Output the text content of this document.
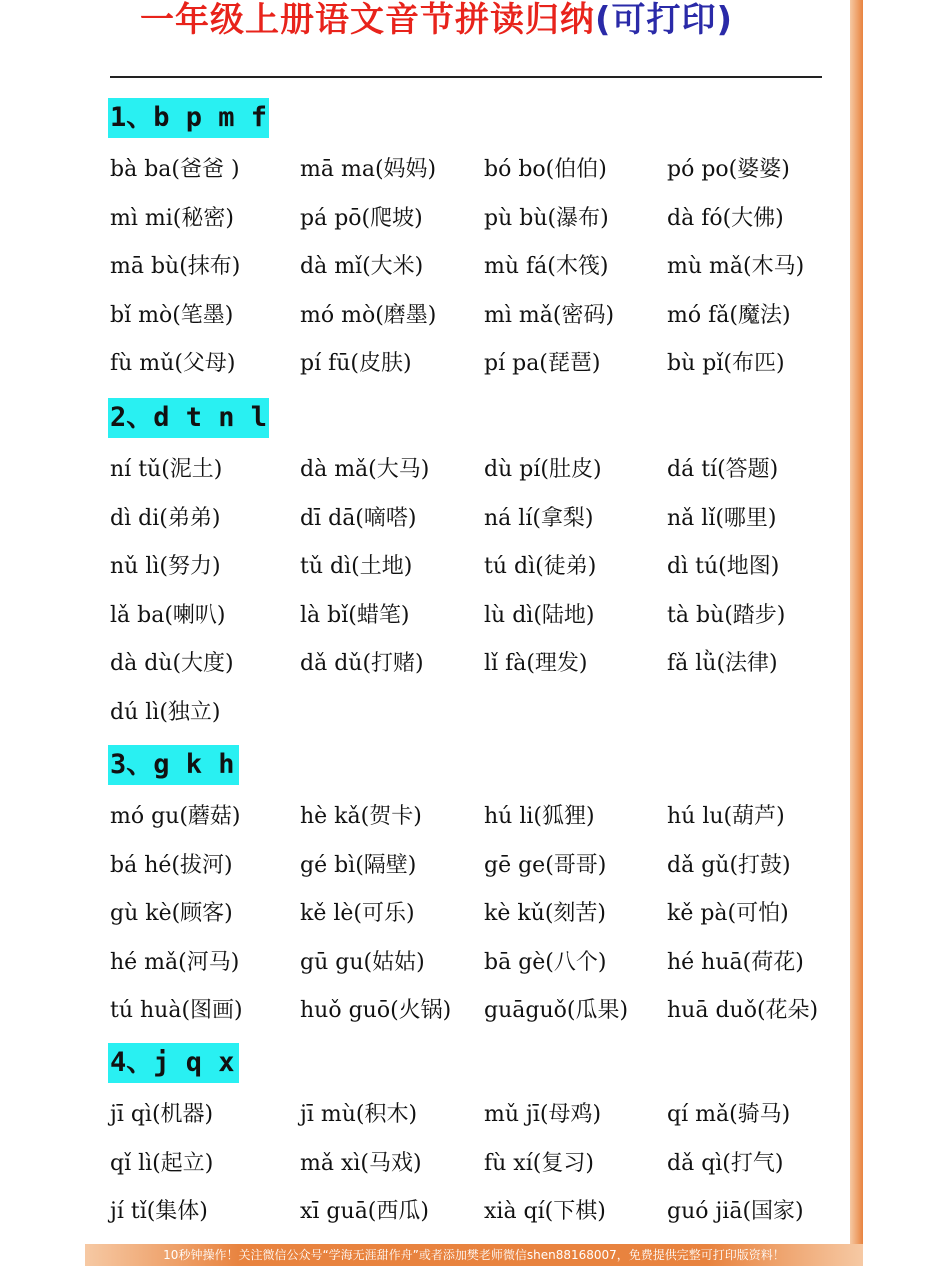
一年级上册语文音节拼读归纳(可打印)
1、b p m f
bà ba(爸爸 )	mā ma(妈妈) bó bo(伯伯)	pó po(婆婆)
mì mi(秘密)	pá pō(爬坡)	pù bù(瀑布)	dà fó(大佛)
mā bù(抹布)	dà mǐ(大米)	mù fá(木筏)	mù mǎ(木马)
bǐ mò(笔墨)	mó mò(磨墨) mì mǎ(密码) mó fǎ(魔法)
fù mǔ(父母)	pí fū(皮肤)	pí pa(琵琶)	bù pǐ(布匹)
2、d t n l
ní tǔ(泥土)	dà mǎ(大马) dù pí(肚皮)	dá tí(答题)
dì di(弟弟)	dī dā(嘀嗒)	ná lí(拿梨)	nǎ lǐ(哪里)
nǔ lì(努力)	tǔ dì(土地)	tú dì(徒弟)	dì tú(地图)
lǎ ba(喇叭)	là bǐ(蜡笔)	lù dì(陆地)	tà bù(踏步)
dà dù(大度)	dǎ dǔ(打赌)	lǐ fà(理发)	fǎ lǜ(法律)
dú lì(独立)
3、g k h
mó gu(蘑菇)	hè kǎ(贺卡)	hú li(狐狸)	hú lu(葫芦)
bá hé(拔河)	gé bì(隔壁)	gē ge(哥哥)	dǎ gǔ(打鼓)
gù kè(顾客)	kě lè(可乐)	kè kǔ(刻苦)	kě pà(可怕)
hé mǎ(河马)	gū gu(姑姑)	bā gè(八个)	hé huā(荷花)
tú huà(图画)	huǒ guō(火锅) guāguǒ(瓜果) huā duǒ(花朵)
4、j q x
jī qì(机器)	jī mù(积木)	mǔ jī(母鸡)	qí mǎ(骑马)
qǐ lì(起立)	mǎ xì(马戏)	fù xí(复习)	dǎ qì(打气)
jí tǐ(集体)	xī guā(西瓜)	xià qí(下棋)	guó jiā(国家)
10秒钟操作！关注微信公众号“学海无涯甜作舟”或者添加樊老师微信shen88168007，免费提供完整可打印版资料！
